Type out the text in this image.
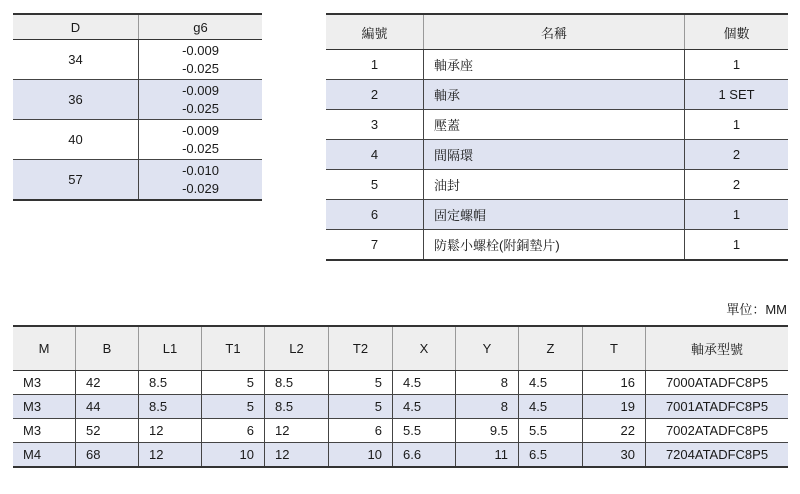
D	g6
34	-0.009
-0.025

36	-0.009
-0.025

40	-0.009
-0.025

57	-0.010
-0.029
編號	名稱	個數
1	軸承座	1
2	軸承	1 SET
3	壓蓋	1
4	間隔環	2
5	油封	2
6	固定螺帽	1
7	防鬆小螺栓(附銅墊片)	1
單位：MM
M	B	L1	T1	L2	T2	X	Y	Z	T	軸承型號
M3	42	8.5	5	8.5	5	4.5	8	4.5	16	7000ATADFC8P5
M3	44	8.5	5	8.5	5	4.5	8	4.5	19	7001ATADFC8P5
M3	52	12	6	12	6	5.5	9.5	5.5	22	7002ATADFC8P5
M4	68	12	10	12	10	6.6	11	6.5	30	7204ATADFC8P5
